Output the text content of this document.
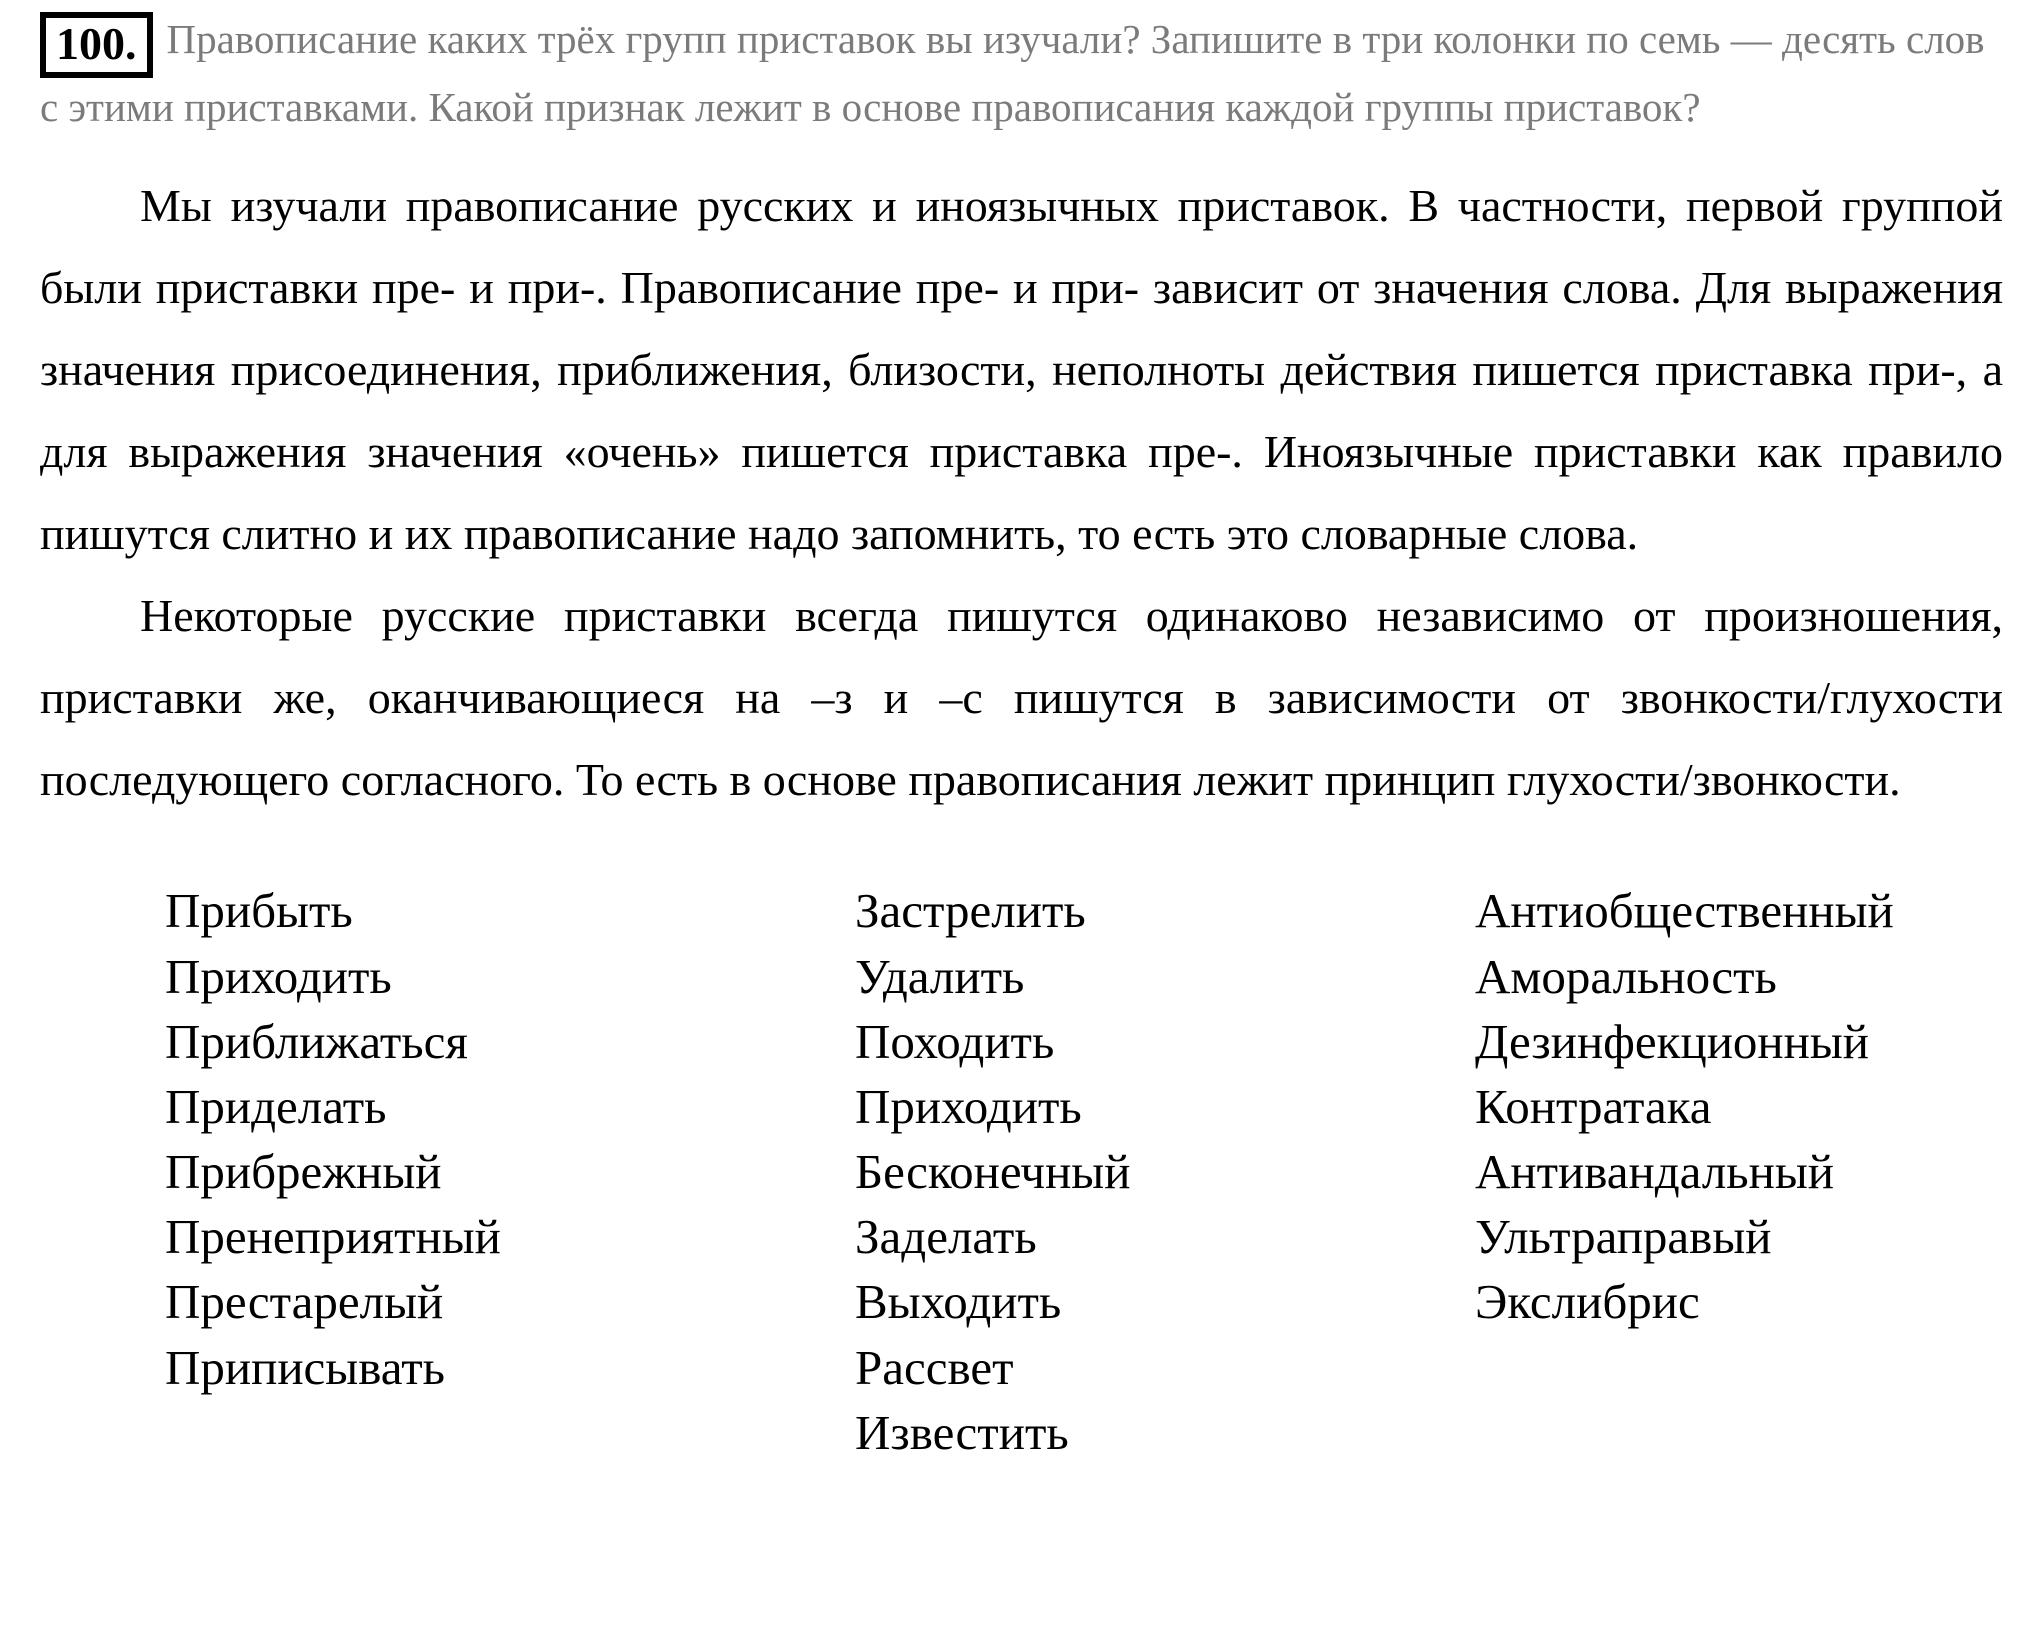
100. Правописание каких трёх групп приставок вы изучали? Запишите в три колонки по семь — десять слов с этими приставками. Какой признак лежит в основе правописания каждой группы приставок?

Мы изучали правописание русских и иноязычных приставок. В частности, первой группой были приставки пре- и при-. Правописание пре- и при- зависит от значения слова. Для выражения значения присоединения, приближения, близости, неполноты действия пишется приставка при-, а для выражения значения «очень» пишется приставка пре-. Иноязычные приставки как правило пишутся слитно и их правописание надо запомнить, то есть это словарные слова.

Некоторые русские приставки всегда пишутся одинаково независимо от произношения, приставки же, оканчивающиеся на –з и –с пишутся в зависимости от звонкости/глухости последующего согласного. То есть в основе правописания лежит принцип глухости/звонкости.

Прибыть
Приходить
Приближаться
Приделать
Прибрежный
Пренеприятный
Престарелый
Приписывать
Застрелить
Удалить
Походить
Приходить
Бесконечный
Заделать
Выходить
Рассвет
Известить
Антиобщественный
Аморальность
Дезинфекционный
Контратака
Антивандальный
Ультраправый
Экслибрис
